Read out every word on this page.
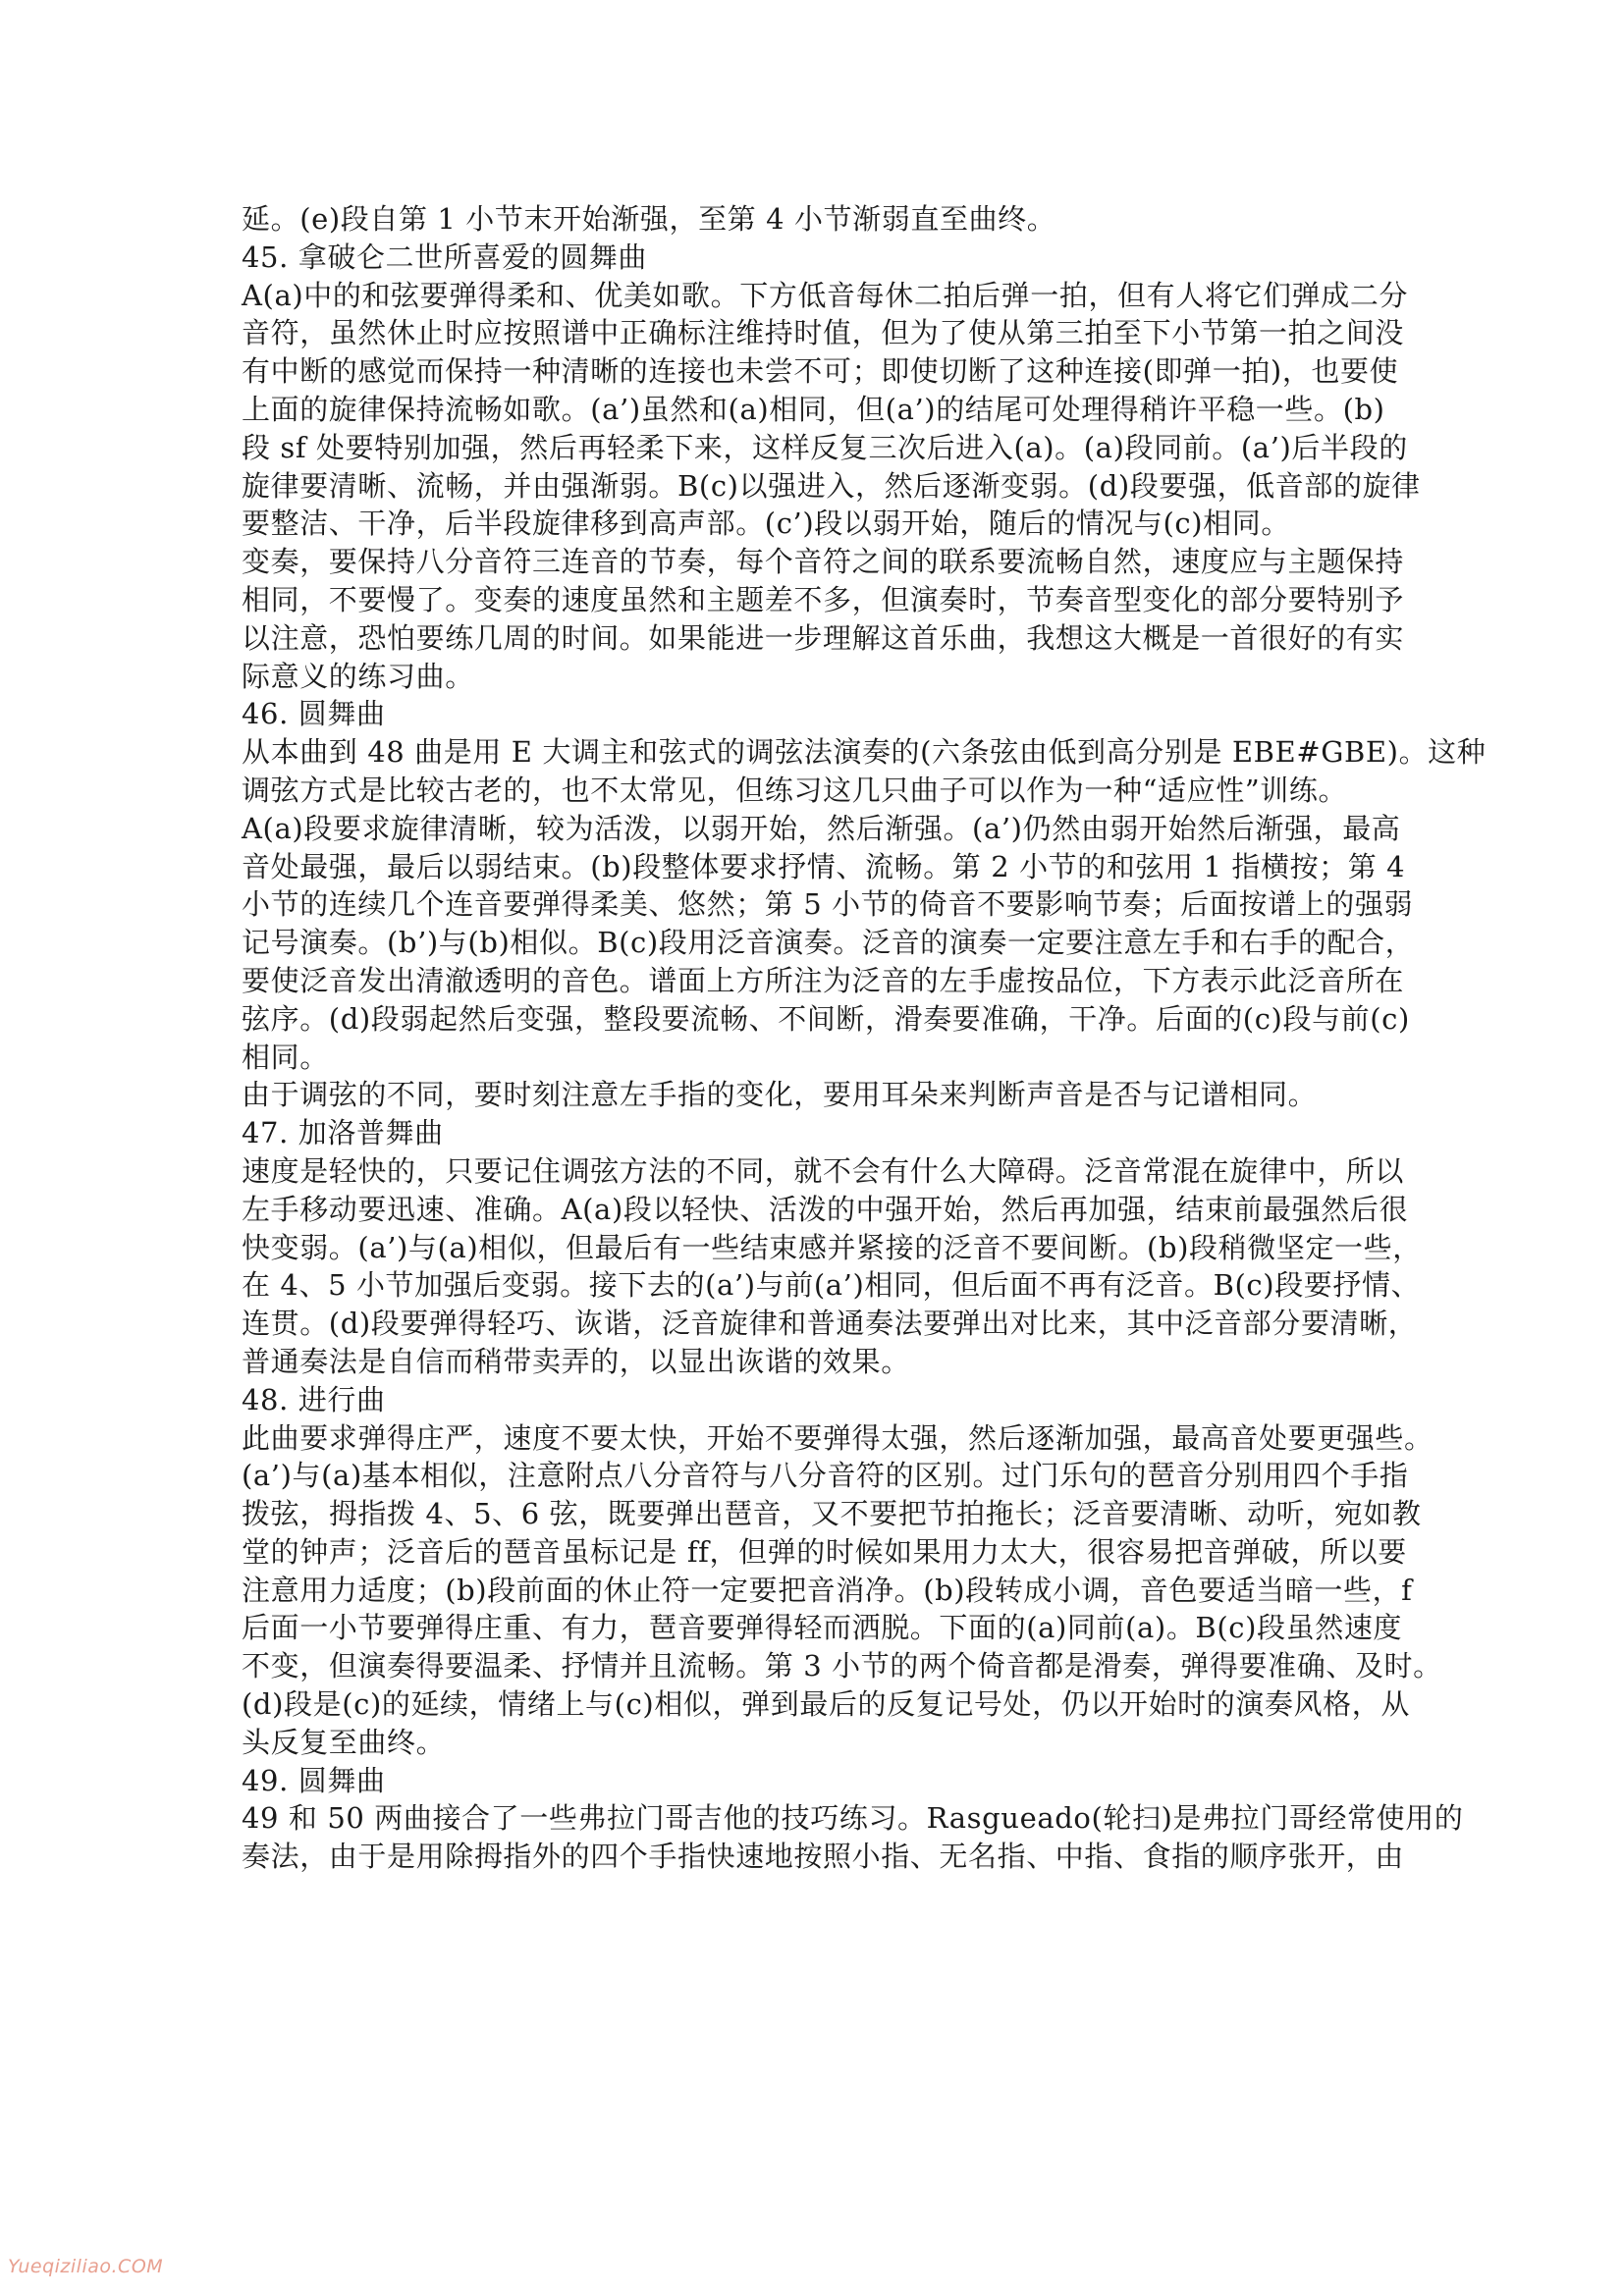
延。(e)段自第 1 小节末开始渐强，至第 4 小节渐弱直至曲终。

45. 拿破仑二世所喜爱的圆舞曲

A(a)中的和弦要弹得柔和、优美如歌。下方低音每休二拍后弹一拍，但有人将它们弹成二分

音符，虽然休止时应按照谱中正确标注维持时值，但为了使从第三拍至下小节第一拍之间没

有中断的感觉而保持一种清晰的连接也未尝不可；即使切断了这种连接(即弹一拍)，也要使

上面的旋律保持流畅如歌。(a’)虽然和(a)相同，但(a’)的结尾可处理得稍许平稳一些。(b)

段 sf 处要特别加强，然后再轻柔下来，这样反复三次后进入(a)。(a)段同前。(a’)后半段的

旋律要清晰、流畅，并由强渐弱。B(c)以强进入，然后逐渐变弱。(d)段要强，低音部的旋律

要整洁、干净，后半段旋律移到高声部。(c’)段以弱开始，随后的情况与(c)相同。

变奏，要保持八分音符三连音的节奏，每个音符之间的联系要流畅自然，速度应与主题保持

相同，不要慢了。变奏的速度虽然和主题差不多，但演奏时，节奏音型变化的部分要特别予

以注意，恐怕要练几周的时间。如果能进一步理解这首乐曲，我想这大概是一首很好的有实

际意义的练习曲。

46. 圆舞曲

从本曲到 48 曲是用 E 大调主和弦式的调弦法演奏的(六条弦由低到高分别是 EBE#GBE)。这种

调弦方式是比较古老的，也不太常见，但练习这几只曲子可以作为一种“适应性”训练。

A(a)段要求旋律清晰，较为活泼，以弱开始，然后渐强。(a’)仍然由弱开始然后渐强，最高

音处最强，最后以弱结束。(b)段整体要求抒情、流畅。第 2 小节的和弦用 1 指横按；第 4

小节的连续几个连音要弹得柔美、悠然；第 5 小节的倚音不要影响节奏；后面按谱上的强弱

记号演奏。(b’)与(b)相似。B(c)段用泛音演奏。泛音的演奏一定要注意左手和右手的配合，

要使泛音发出清澈透明的音色。谱面上方所注为泛音的左手虚按品位，下方表示此泛音所在

弦序。(d)段弱起然后变强，整段要流畅、不间断，滑奏要准确，干净。后面的(c)段与前(c)

相同。

由于调弦的不同，要时刻注意左手指的变化，要用耳朵来判断声音是否与记谱相同。

47. 加洛普舞曲

速度是轻快的，只要记住调弦方法的不同，就不会有什么大障碍。泛音常混在旋律中，所以

左手移动要迅速、准确。A(a)段以轻快、活泼的中强开始，然后再加强，结束前最强然后很

快变弱。(a’)与(a)相似，但最后有一些结束感并紧接的泛音不要间断。(b)段稍微坚定一些，

在 4、5 小节加强后变弱。接下去的(a’)与前(a’)相同，但后面不再有泛音。B(c)段要抒情、

连贯。(d)段要弹得轻巧、诙谐，泛音旋律和普通奏法要弹出对比来，其中泛音部分要清晰，

普通奏法是自信而稍带卖弄的，以显出诙谐的效果。

48. 进行曲

此曲要求弹得庄严，速度不要太快，开始不要弹得太强，然后逐渐加强，最高音处要更强些。

(a’)与(a)基本相似，注意附点八分音符与八分音符的区别。过门乐句的琶音分别用四个手指

拨弦，拇指拨 4、5、6 弦，既要弹出琶音，又不要把节拍拖长；泛音要清晰、动听，宛如教

堂的钟声；泛音后的琶音虽标记是 ff，但弹的时候如果用力太大，很容易把音弹破，所以要

注意用力适度；(b)段前面的休止符一定要把音消净。(b)段转成小调，音色要适当暗一些，f

后面一小节要弹得庄重、有力，琶音要弹得轻而洒脱。下面的(a)同前(a)。B(c)段虽然速度

不变，但演奏得要温柔、抒情并且流畅。第 3 小节的两个倚音都是滑奏，弹得要准确、及时。

(d)段是(c)的延续，情绪上与(c)相似，弹到最后的反复记号处，仍以开始时的演奏风格，从

头反复至曲终。

49. 圆舞曲

49 和 50 两曲接合了一些弗拉门哥吉他的技巧练习。Rasgueado(轮扫)是弗拉门哥经常使用的

奏法，由于是用除拇指外的四个手指快速地按照小指、无名指、中指、食指的顺序张开，由

Yueqiziliao.COM
